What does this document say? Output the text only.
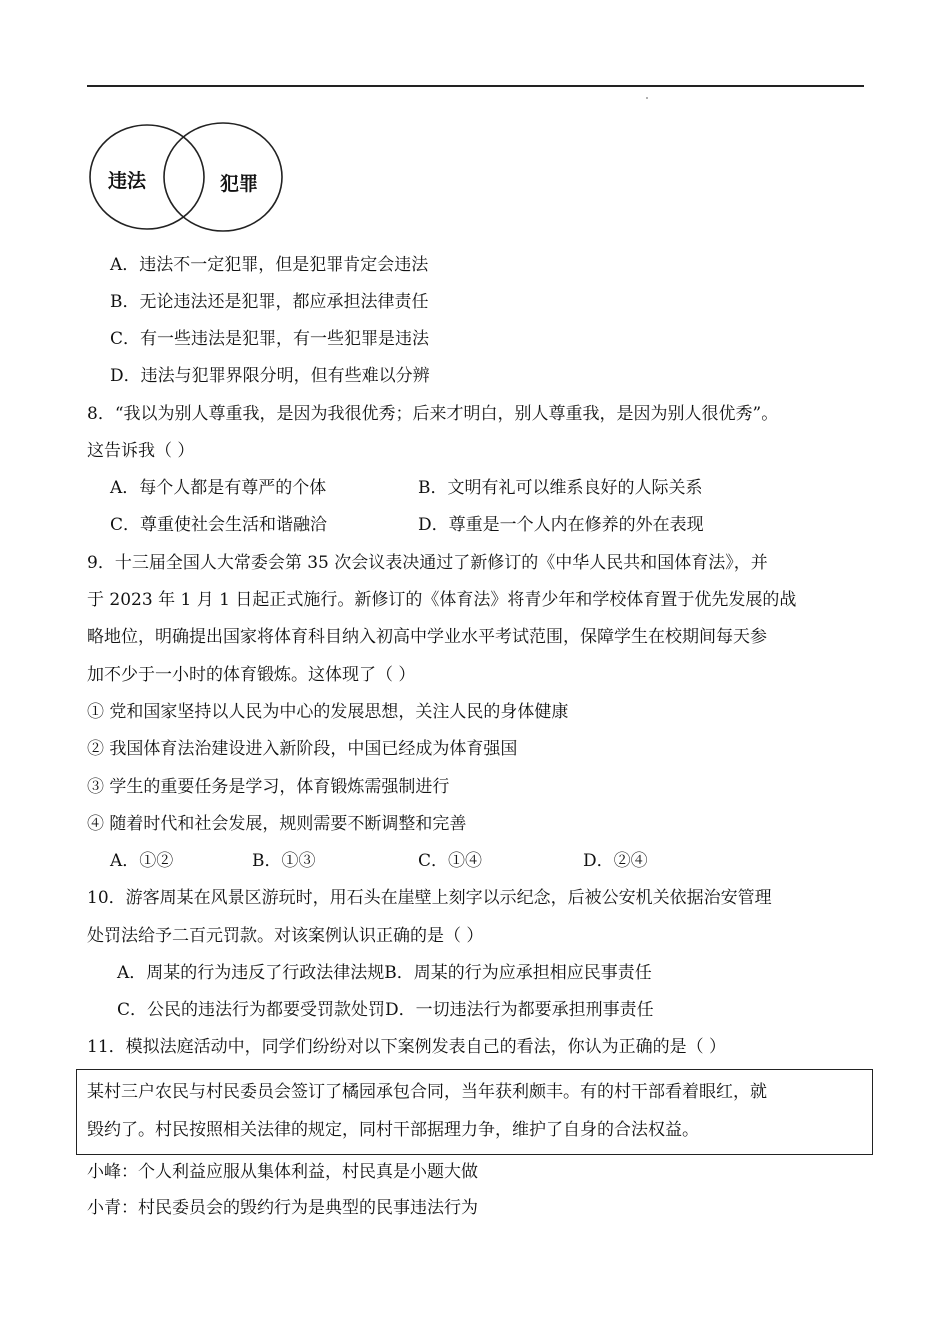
违法	犯罪
A．违法不一定犯罪，但是犯罪肯定会违法
B．无论违法还是犯罪，都应承担法律责任
C．有一些违法是犯罪，有一些犯罪是违法
D．违法与犯罪界限分明，但有些难以分辨
8．“我以为别人尊重我，是因为我很优秀；后来才明白，别人尊重我，是因为别人很优秀”。
这告诉我（ ）
A．每个人都是有尊严的个体	B．文明有礼可以维系良好的人际关系
C．尊重使社会生活和谐融洽	D．尊重是一个人内在修养的外在表现
9．十三届全国人大常委会第 35 次会议表决通过了新修订的《中华人民共和国体育法》，并
于 2023 年 1 月 1 日起正式施行。新修订的《体育法》将青少年和学校体育置于优先发展的战
略地位，明确提出国家将体育科目纳入初高中学业水平考试范围，保障学生在校期间每天参
加不少于一小时的体育锻炼。这体现了（ ）
① 党和国家坚持以人民为中心的发展思想，关注人民的身体健康
② 我国体育法治建设进入新阶段，中国已经成为体育强国
③ 学生的重要任务是学习，体育锻炼需强制进行
④ 随着时代和社会发展，规则需要不断调整和完善
A．①②	B．①③	C．①④	D．②④
10．游客周某在风景区游玩时，用石头在崖壁上刻字以示纪念，后被公安机关依据治安管理
处罚法给予二百元罚款。对该案例认识正确的是（ ）
A．周某的行为违反了行政法律法规B．周某的行为应承担相应民事责任
C．公民的违法行为都要受罚款处罚D．一切违法行为都要承担刑事责任
11．模拟法庭活动中，同学们纷纷对以下案例发表自己的看法，你认为正确的是（ ）
某村三户农民与村民委员会签订了橘园承包合同，当年获利颇丰。有的村干部看着眼红，就
毁约了。村民按照相关法律的规定，同村干部据理力争，维护了自身的合法权益。
小峰：个人利益应服从集体利益，村民真是小题大做
小青：村民委员会的毁约行为是典型的民事违法行为
